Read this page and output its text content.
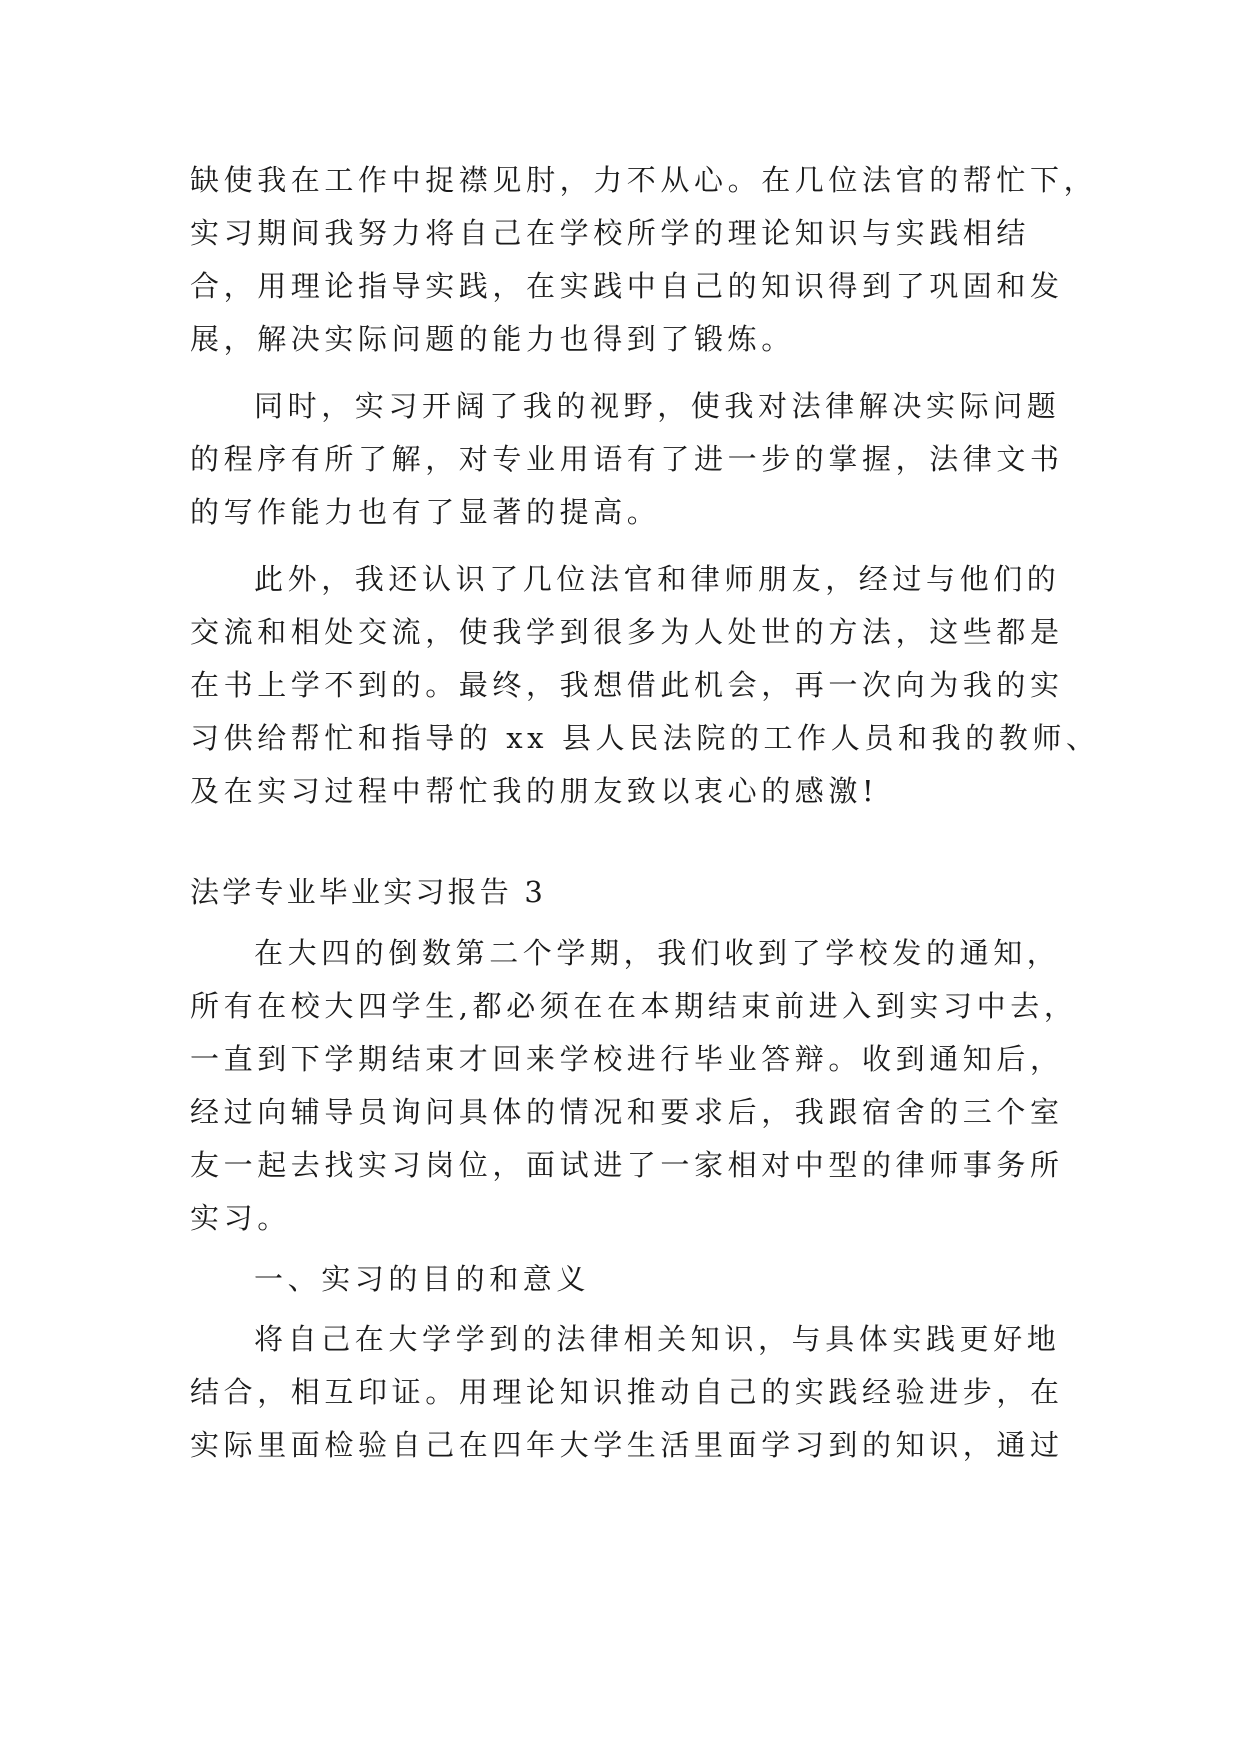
缺使我在工作中捉襟见肘，力不从心。在几位法官的帮忙下，
实习期间我努力将自己在学校所学的理论知识与实践相结
合，用理论指导实践，在实践中自己的知识得到了巩固和发
展，解决实际问题的能力也得到了锻炼。
同时，实习开阔了我的视野，使我对法律解决实际问题
的程序有所了解，对专业用语有了进一步的掌握，法律文书
的写作能力也有了显著的提高。
此外，我还认识了几位法官和律师朋友，经过与他们的
交流和相处交流，使我学到很多为人处世的方法，这些都是
在书上学不到的。最终，我想借此机会，再一次向为我的实
习供给帮忙和指导的 xx 县人民法院的工作人员和我的教师、
及在实习过程中帮忙我的朋友致以衷心的感激!
法学专业毕业实习报告 3
在大四的倒数第二个学期，我们收到了学校发的通知，
所有在校大四学生,都必须在在本期结束前进入到实习中去，
一直到下学期结束才回来学校进行毕业答辩。收到通知后，
经过向辅导员询问具体的情况和要求后，我跟宿舍的三个室
友一起去找实习岗位，面试进了一家相对中型的律师事务所
实习。
一、实习的目的和意义
将自己在大学学到的法律相关知识，与具体实践更好地
结合，相互印证。用理论知识推动自己的实践经验进步，在
实际里面检验自己在四年大学生活里面学习到的知识，通过
